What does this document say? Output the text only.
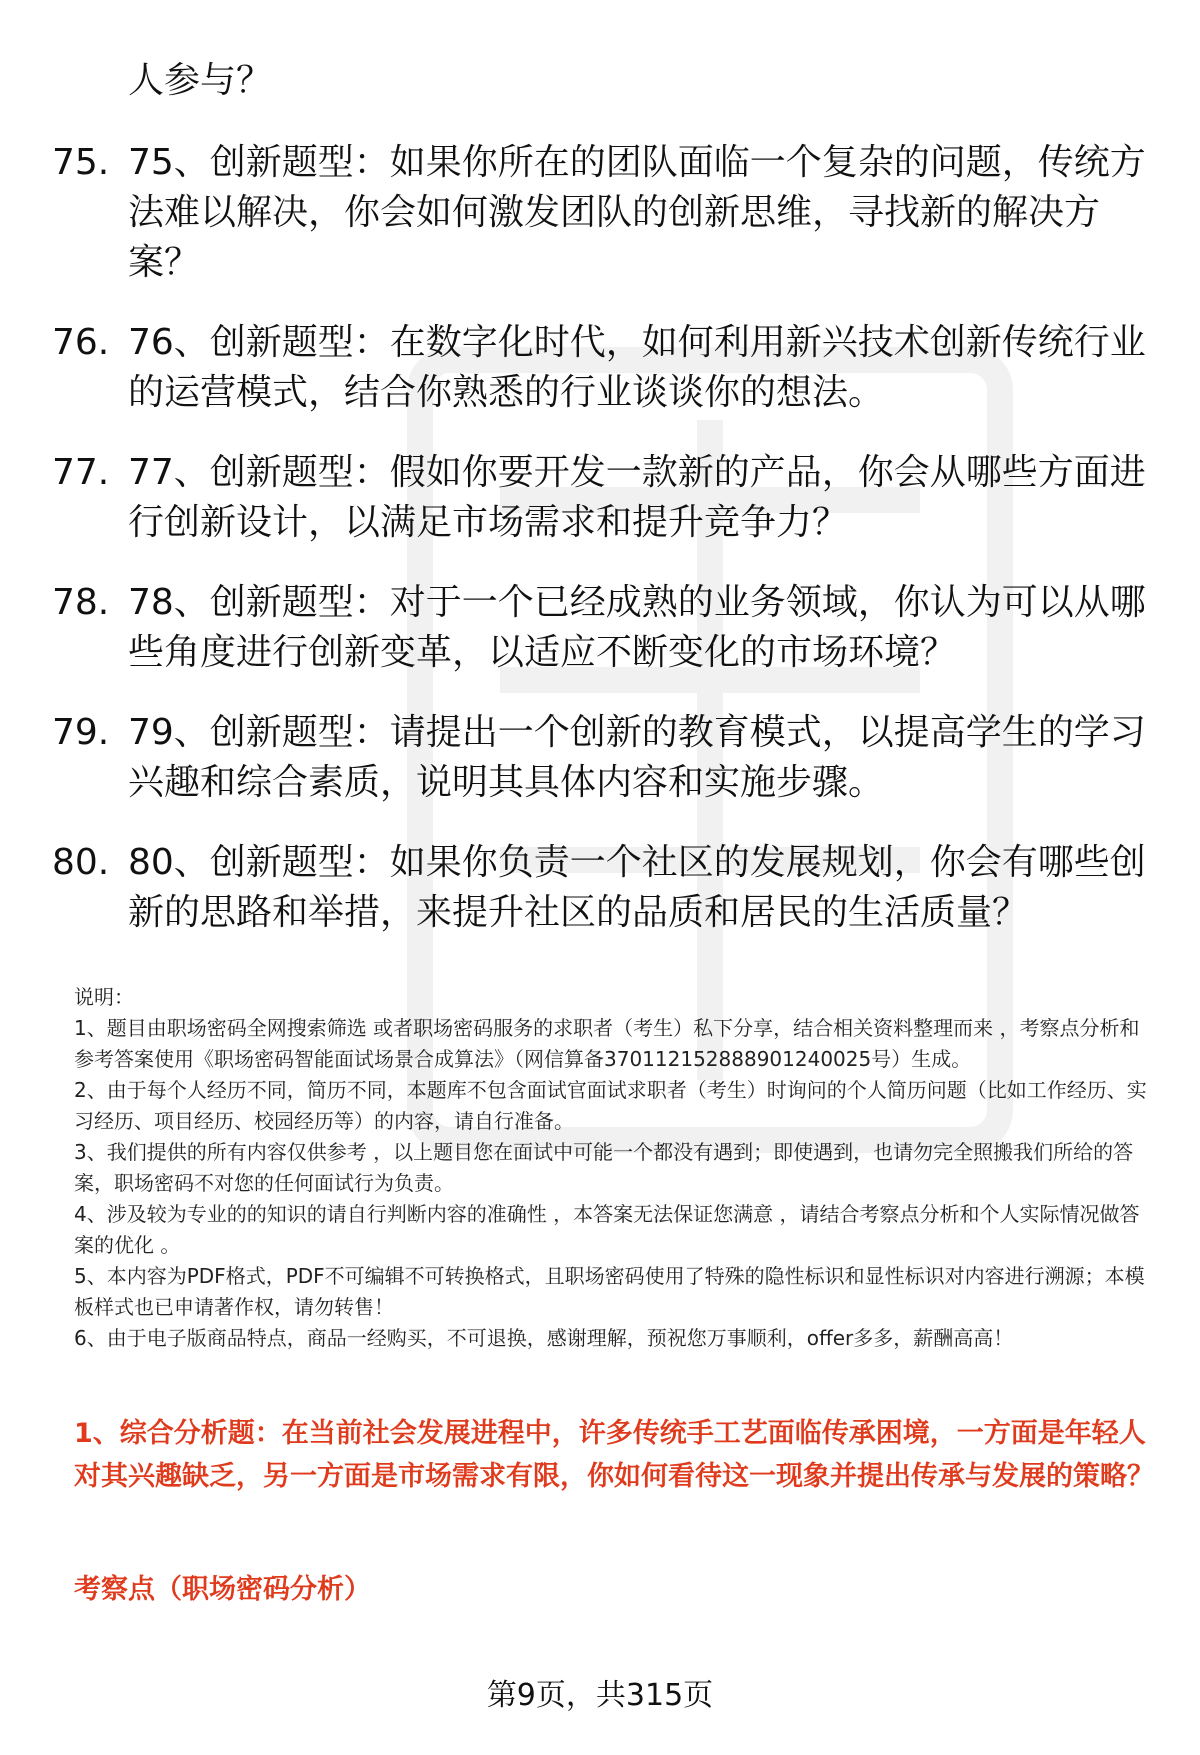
人参与？
75. 75、创新题型：如果你所在的团队面临一个复杂的问题，传统方法难以解决，你会如何激发团队的创新思维，寻找新的解决方案？
76. 76、创新题型：在数字化时代，如何利用新兴技术创新传统行业的运营模式，结合你熟悉的行业谈谈你的想法。
77. 77、创新题型：假如你要开发一款新的产品，你会从哪些方面进行创新设计，以满足市场需求和提升竞争力？
78. 78、创新题型：对于一个已经成熟的业务领域，你认为可以从哪些角度进行创新变革，以适应不断变化的市场环境？
79. 79、创新题型：请提出一个创新的教育模式，以提高学生的学习兴趣和综合素质，说明其具体内容和实施步骤。
80. 80、创新题型：如果你负责一个社区的发展规划，你会有哪些创新的思路和举措，来提升社区的品质和居民的生活质量？
说明：
1、题目由职场密码全网搜索筛选 或者职场密码服务的求职者（考生）私下分享，结合相关资料整理而来 ，考察点分析和参考答案使用《职场密码智能面试场景合成算法》（网信算备370112152888901240025号）生成。
2、由于每个人经历不同，简历不同，本题库不包含面试官面试求职者（考生）时询问的个人简历问题（比如工作经历、实习经历、项目经历、校园经历等）的内容，请自行准备。
3、我们提供的所有内容仅供参考 ，以上题目您在面试中可能一个都没有遇到；即使遇到，也请勿完全照搬我们所给的答案，职场密码不对您的任何面试行为负责。
4、涉及较为专业的的知识的请自行判断内容的准确性 ，本答案无法保证您满意 ，请结合考察点分析和个人实际情况做答案的优化 。
5、本内容为PDF格式，PDF不可编辑不可转换格式，且职场密码使用了特殊的隐性标识和显性标识对内容进行溯源；本模板样式也已申请著作权，请勿转售！
6、由于电子版商品特点，商品一经购买，不可退换，感谢理解，预祝您万事顺利，offer多多，薪酬高高！
1、综合分析题：在当前社会发展进程中，许多传统手工艺面临传承困境，一方面是年轻人对其兴趣缺乏，另一方面是市场需求有限，你如何看待这一现象并提出传承与发展的策略？
考察点（职场密码分析）
第9页，共315页
